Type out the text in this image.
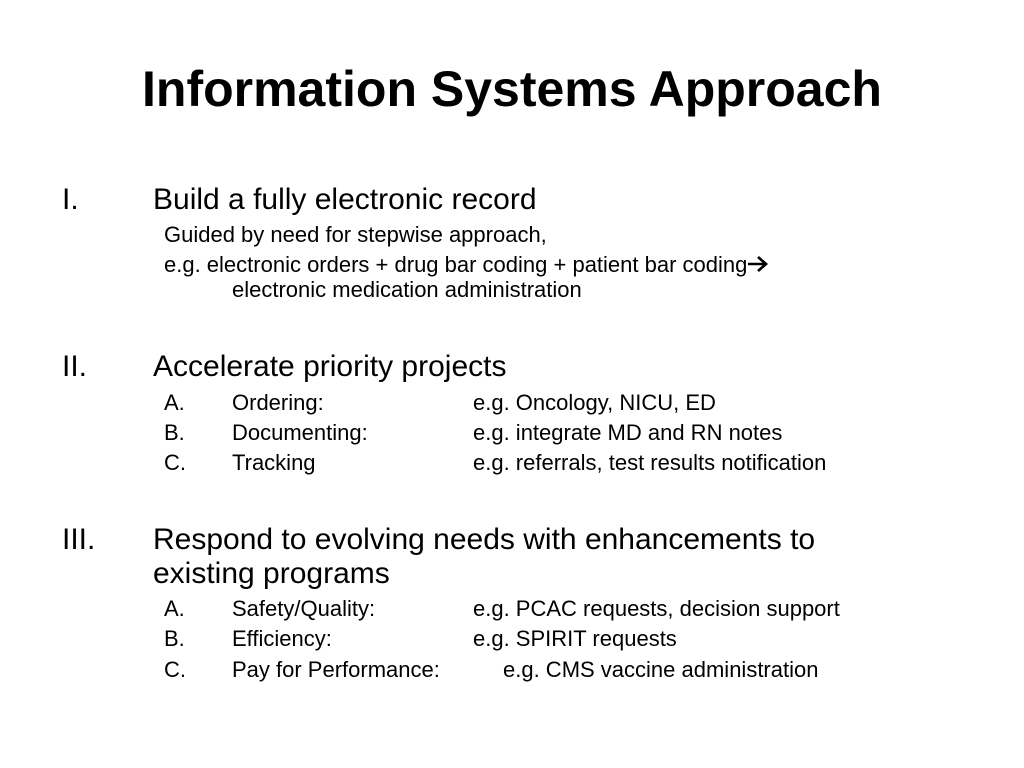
Information Systems Approach
I. Build a fully electronic record
Guided by need for stepwise approach,
e.g. electronic orders + drug bar coding + patient bar coding
electronic medication administration
II. Accelerate priority projects
A. Ordering:	e.g. Oncology, NICU, ED
B. Documenting:	e.g. integrate MD and RN notes
C. Tracking	e.g. referrals, test results notification
III. Respond to evolving needs with enhancements to
existing programs
A. Safety/Quality:	e.g. PCAC requests, decision support
B. Efficiency:	e.g. SPIRIT requests
C. Pay for Performance:	e.g. CMS vaccine administration
